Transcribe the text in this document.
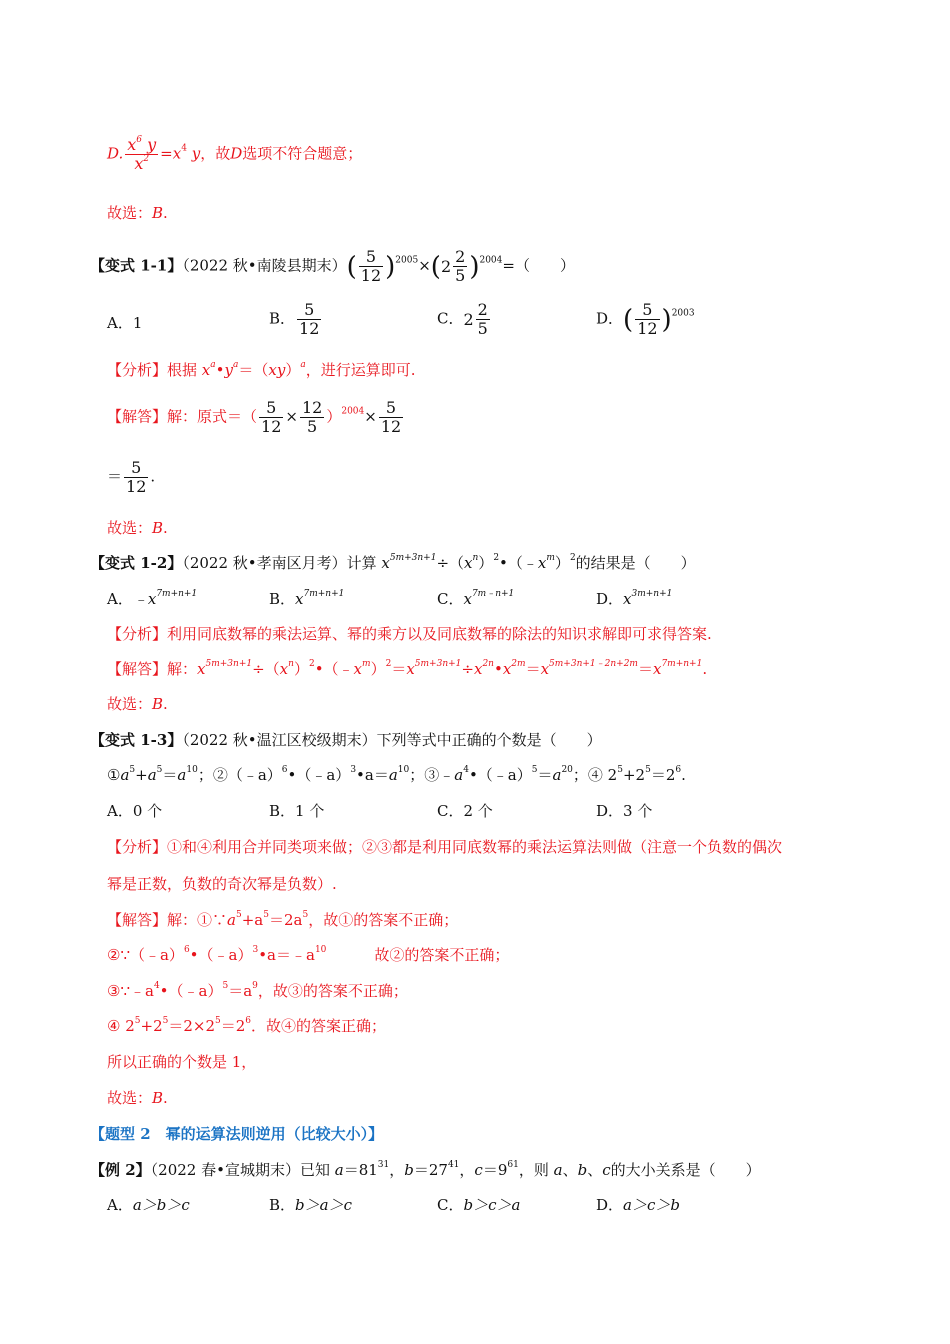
D. $\frac{x^6 y}{x^2} =x^4$ y，故D选项不符合题意；
故选：B.
【变式 1-1】（2022 秋•南陵县期末）( $\frac{5}{12} )^{2005}\times(2 \frac{2}{5} )^{2004}=$（　　）
A．1	B． $\frac{5}{12}$	C．$2 \frac{2}{5}$	D．( $\frac{5}{12} )^{2003}$
【分析】根据 $x^a•y^a=(xy)^a$，进行运算即可.
【解答】解：原式＝（ $\frac{5}{12} \times \frac{12}{5} )^{2004}\times \frac{5}{12}$
＝ $\frac{5}{12}$ .
故选：B.
【变式 1-2】（2022 秋•孝南区月考）计算 $x^{5m+3n+1}\div(x^n)^2•(﹣x^m)^2$的结果是（　　）
A．$﹣x^{7m+n+1}$	B．$x^{7m+n+1}$	C．$x^{7m﹣n+1}$	D．$x^{3m+n+1}$
【分析】利用同底数幂的乘法运算、幂的乘方以及同底数幂的除法的知识求解即可求得答案.
【解答】解：$x^{5m+3n+1}\div(x^n)^2•(﹣x^m)^2=x^{5m+3n+1}\div x^{2n}•x^{2m}=x^{5m+3n+1﹣2n+2m}=x^{7m+n+1}$.
故选：B.
【变式 1-3】（2022 秋•温江区校级期末）下列等式中正确的个数是（　　）
$①a^5+a^5=a^{10}$；$②(﹣a)^6•(﹣a)^3•a=a^{10}$；$③﹣a^4•(﹣a)^5=a^{20}$；④ $2^5+2^5=2^6$.
A．0 个	B．1 个	C．2 个	D．3 个
【分析】①和④利用合并同类项来做；②③都是利用同底数幂的乘法运算法则做（注意一个负数的偶次
幂是正数，负数的奇次幂是负数）.
【解答】解：$①\because a^5+a^5=2a^5$，故①的答案不正确；
$②\because(﹣a)^6•(﹣a)^3•a=﹣a^{10}$	故②的答案不正确；
$③\because﹣a^4•(﹣a)^5=a^9$，故③的答案不正确；
④ $2^5+2^5=2\times 2^5=2^6$．故④的答案正确；
所以正确的个数是 1，
故选：B.
【题型 2　幂的运算法则逆用（比较大小）】
【例 2】（2022 春•宣城期末）已知 $a=81^{31}$，$b=27^{41}$，$c=9^{61}$，则 a、b、c的大小关系是（　　）
A．a＞b＞c	B．b＞a＞c	C．b＞c＞a	D．a＞c＞b
